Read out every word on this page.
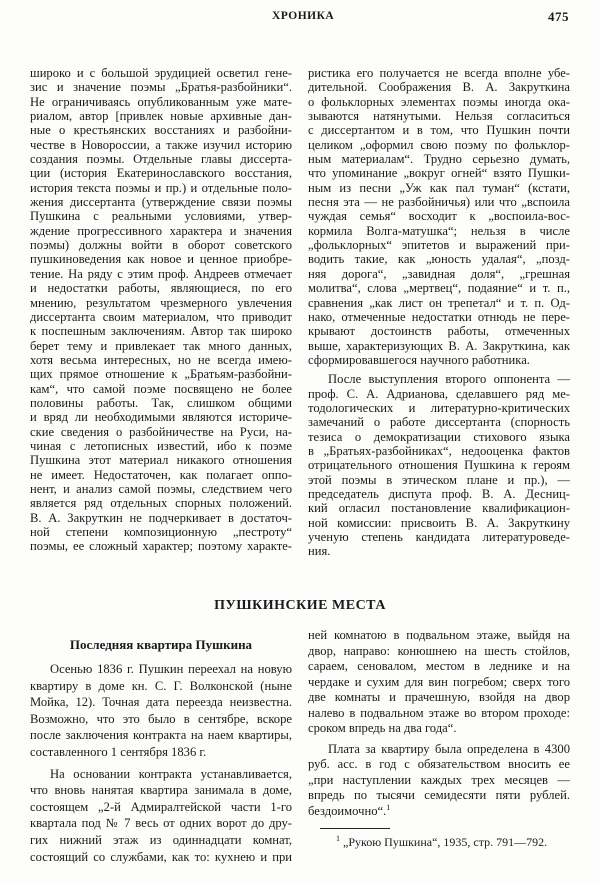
ХРОНИКА	475
широко и с большой эрудицией осветил гене-
зис и значение поэмы „Братья-разбойники“.
Не ограничиваясь опубликованным уже мате-
риалом, автор [привлек новые архивные дан-
ные о крестьянских восстаниях и разбойни-
честве в Новороссии, а также изучил историю
создания поэмы. Отдельные главы диссерта-
ции (история Екатеринославского восстания,
история текста поэмы и пр.) и отдельные поло-
жения диссертанта (утверждение связи поэмы
Пушкина с реальными условиями, утвер-
ждение прогрессивного характера и значения
поэмы) должны войти в оборот советского
пушкиноведения как новое и ценное приобре-
тение. На ряду с этим проф. Андреев отмечает
и недостатки работы, являющиеся, по его
мнению, результатом чрезмерного увлечения
диссертанта своим материалом, что приводит
к поспешным заключениям. Автор так широко
берет тему и привлекает так много данных,
хотя весьма интересных, но не всегда имею-
щих прямое отношение к „Братьям-разбойни-
кам“, что самой поэме посвящено не более
половины работы. Так, слишком общими
и вряд ли необходимыми являются историче-
ские сведения о разбойничестве на Руси, на-
чиная с летописных известий, ибо к поэме
Пушкина этот материал никакого отношения
не имеет. Недостаточен, как полагает оппо-
нент, и анализ самой поэмы, следствием чего
является ряд отдельных спорных положений.
В. А. Закруткин не подчеркивает в достаточ-
ной степени композиционную „пестроту“
поэмы, ее сложный характер; поэтому характе-
ристика его получается не всегда вполне убе-
дительной. Соображения В. А. Закруткина
о фольклорных элементах поэмы иногда ока-
зываются натянутыми. Нельзя согласиться
с диссертантом и в том, что Пушкин почти
целиком „оформил свою поэму по фольклор-
ным материалам“. Трудно серьезно думать,
что упоминание „вокруг огней“ взято Пушки-
ным из песни „Уж как пал туман“ (кстати,
песня эта — не разбойничья) или что „вспоила
чуждая семья“ восходит к „воспоила-вос-
кормила Волга-матушка“; нельзя в числе
„фольклорных“ эпитетов и выражений при-
водить такие, как „юность удалая“, „позд-
няя дорога“, „завидная доля“, „грешная
молитва“, слова „мертвец“, подаяние“ и т. п.,
сравнения „как лист он трепетал“ и т. п. Од-
нако, отмеченные недостатки отнюдь не пере-
крывают достоинств работы, отмеченных
выше, характеризующих В. А. Закруткина, как
сформировавшегося научного работника.
После выступления второго оппонента —
проф. С. А. Адрианова, сделавшего ряд ме-
тодологических и литературно-критических
замечаний о работе диссертанта (спорность
тезиса о демократизации стихового языка
в „Братьях-разбойниках“, недооценка фактов
отрицательного отношения Пушкина к героям
этой поэмы в этическом плане и пр.), —
председатель диспута проф. В. А. Десниц-
кий огласил постановление квалификацион-
ной комиссии: присвоить В. А. Закруткину
ученую степень кандидата литературоведе-
ния.
ПУШКИНСКИЕ МЕСТА
Последняя квартира Пушкина
Осенью 1836 г. Пушкин переехал на новую
квартиру в доме кн. С. Г. Волконской (ныне
Мойка, 12). Точная дата переезда неизвестна.
Возможно, что это было в сентябре, вскоре
после заключения контракта на наем квартиры,
составленного 1 сентября 1836 г.
На основании контракта устанавливается,
что вновь нанятая квартира занимала в доме,
состоящем „2-й Адмиралтейской части 1-го
квартала под № 7 весь от одних ворот до дру-
гих нижний этаж из одиннадцати комнат,
состоящий со службами, как то: кухнею и при
ней комнатою в подвальном этаже, выйдя на
двор, направо: конюшнею на шесть стойлов,
сараем, сеновалом, местом в леднике и на
чердаке и сухим для вин погребом; сверх того
две комнаты и прачешную, взойдя на двор
налево в подвальном этаже во втором проходе:
сроком впредь на два года“.
Плата за квартиру была определена в 4300
руб. асс. в год с обязательством вносить ее
„при наступлении каждых трех месяцев —
впредь по тысячи семидесяти пяти рублей.
бездоимочно“.$^1$
$^1$ „Рукою Пушкина“, 1935, стр. 791—792.
